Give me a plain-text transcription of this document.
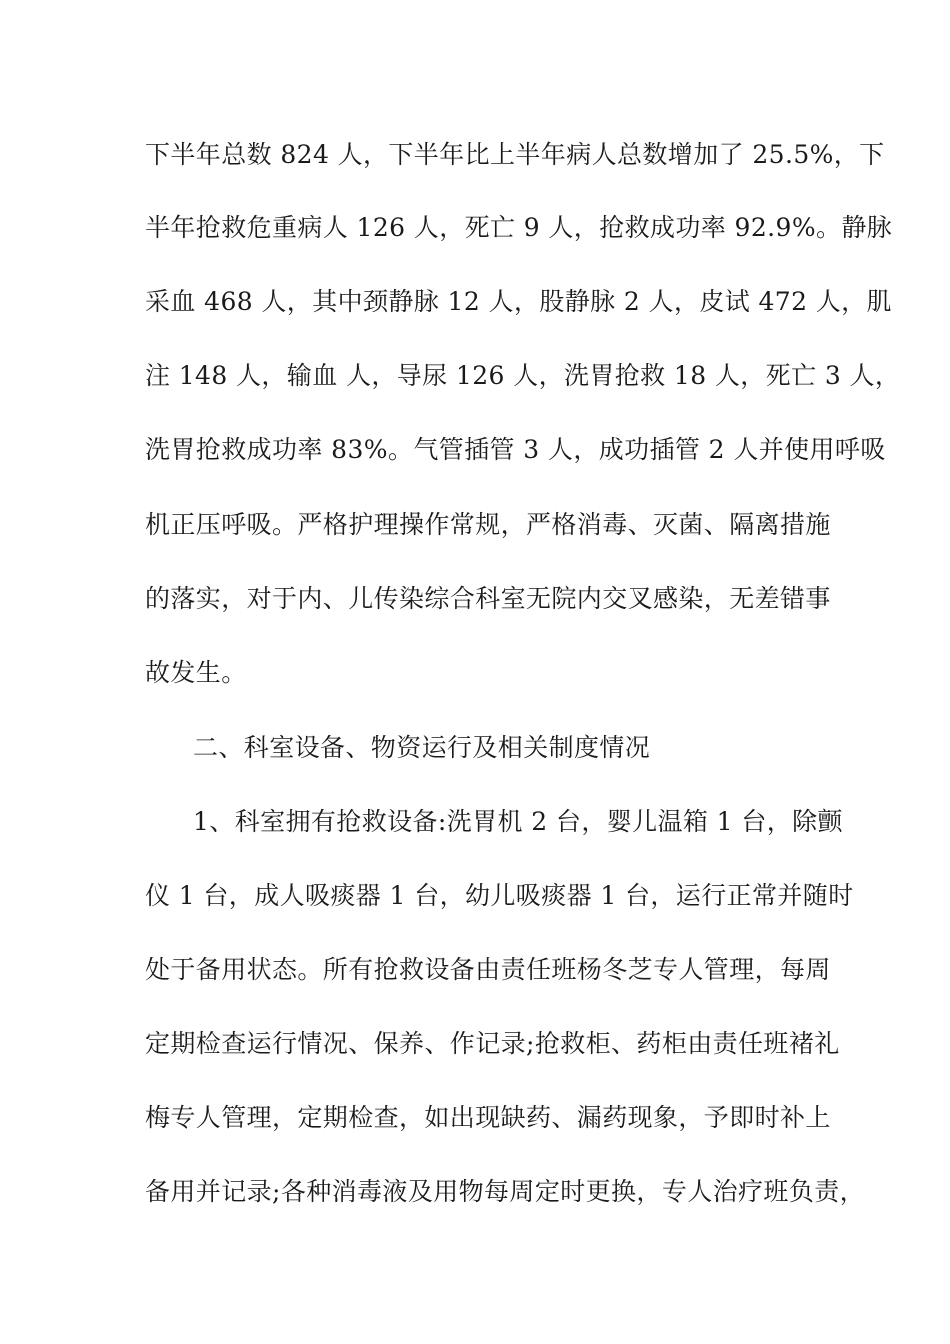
下半年总数 824 人，下半年比上半年病人总数增加了 25.5%，下
半年抢救危重病人 126 人，死亡 9 人，抢救成功率 92.9%。静脉
采血 468 人，其中颈静脉 12 人，股静脉 2 人，皮试 472 人，肌
注 148 人，输血 人，导尿 126 人，洗胃抢救 18 人，死亡 3 人，
洗胃抢救成功率 83%。气管插管 3 人，成功插管 2 人并使用呼吸
机正压呼吸。严格护理操作常规，严格消毒、灭菌、隔离措施
的落实，对于内、儿传染综合科室无院内交叉感染，无差错事
故发生。
二、科室设备、物资运行及相关制度情况
1、科室拥有抢救设备:洗胃机 2 台，婴儿温箱 1 台，除颤
仪 1 台，成人吸痰器 1 台，幼儿吸痰器 1 台，运行正常并随时
处于备用状态。所有抢救设备由责任班杨冬芝专人管理，每周
定期检查运行情况、保养、作记录;抢救柜、药柜由责任班褚礼
梅专人管理，定期检查，如出现缺药、漏药现象，予即时补上
备用并记录;各种消毒液及用物每周定时更换，专人治疗班负责，
